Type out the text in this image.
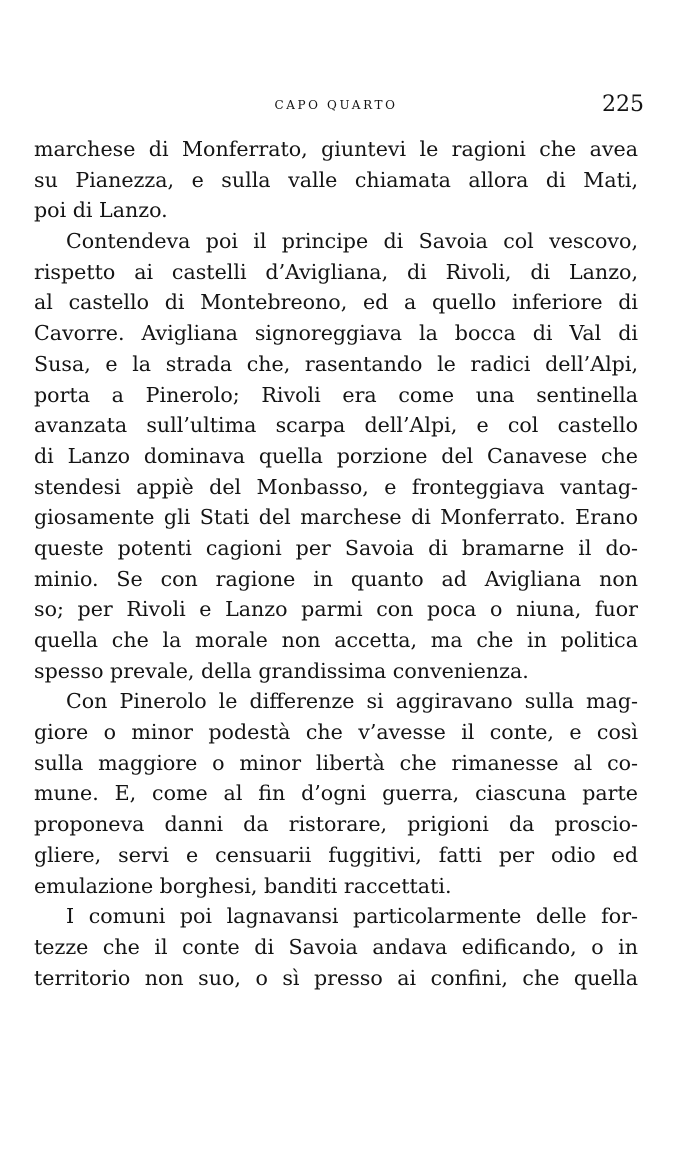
CAPO QUARTO	225
marchese di Monferrato, giuntevi le ragioni che avea
su Pianezza, e sulla valle chiamata allora di Mati,
poi di Lanzo.
Contendeva poi il principe di Savoia col vescovo,
rispetto ai castelli d’Avigliana, di Rivoli, di Lanzo,
al castello di Montebreono, ed a quello inferiore di
Cavorre. Avigliana signoreggiava la bocca di Val di
Susa, e la strada che, rasentando le radici dell’Alpi,
porta a Pinerolo; Rivoli era come una sentinella
avanzata sull’ultima scarpa dell’Alpi, e col castello
di Lanzo dominava quella porzione del Canavese che
stendesi appiè del Monbasso, e fronteggiava vantag-
giosamente gli Stati del marchese di Monferrato. Erano
queste potenti cagioni per Savoia di bramarne il do-
minio. Se con ragione in quanto ad Avigliana non
so; per Rivoli e Lanzo parmi con poca o niuna, fuor
quella che la morale non accetta, ma che in politica
spesso prevale, della grandissima convenienza.
Con Pinerolo le differenze si aggiravano sulla mag-
giore o minor podestà che v’avesse il conte, e così
sulla maggiore o minor libertà che rimanesse al co-
mune. E, come al fin d’ogni guerra, ciascuna parte
proponeva danni da ristorare, prigioni da proscio-
gliere, servi e censuarii fuggitivi, fatti per odio ed
emulazione borghesi, banditi raccettati.
I comuni poi lagnavansi particolarmente delle for-
tezze che il conte di Savoia andava edificando, o in
territorio non suo, o sì presso ai confini, che quella
